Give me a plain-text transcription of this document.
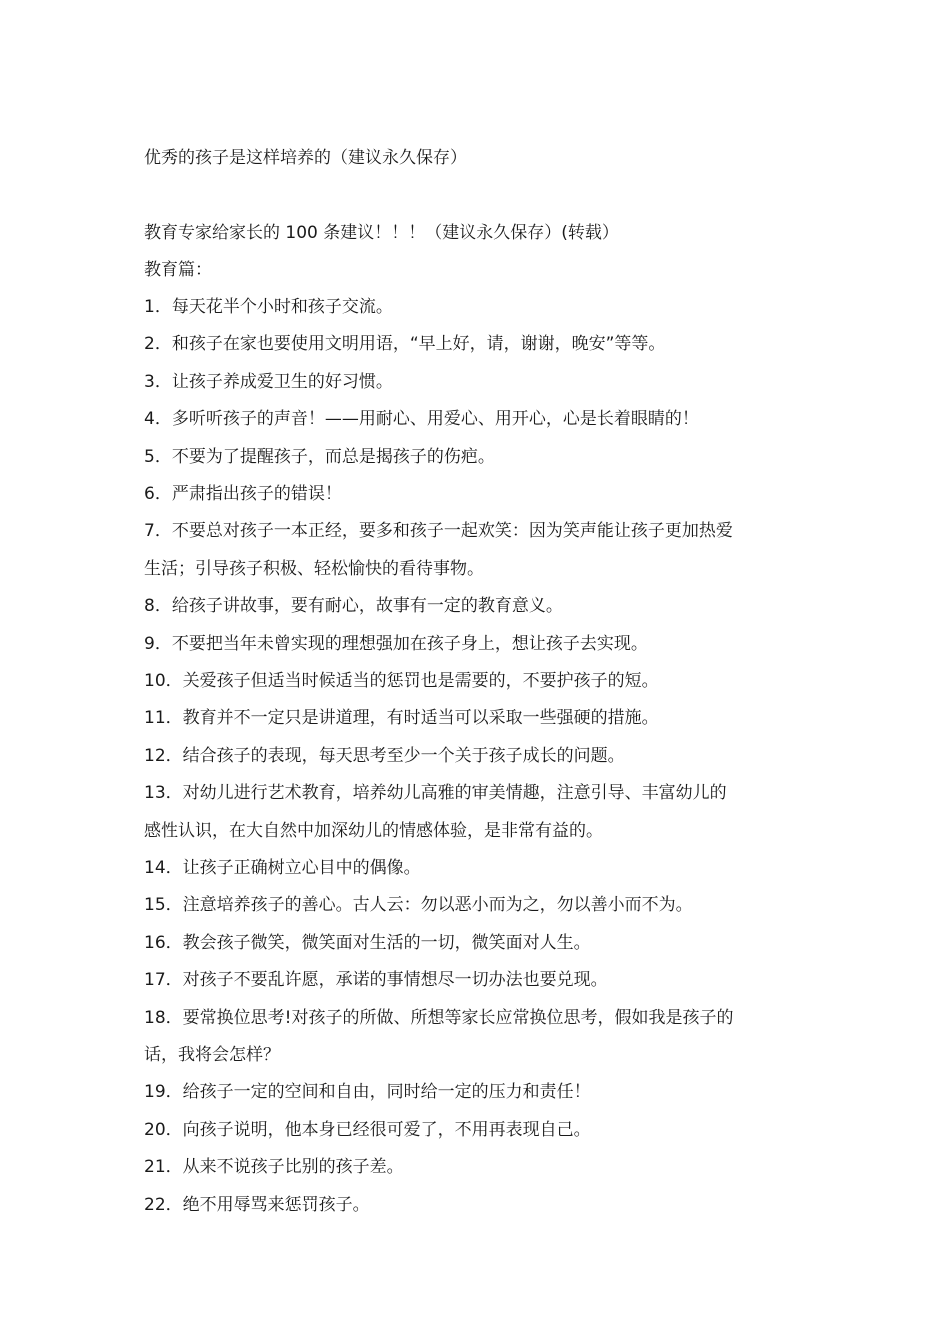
优秀的孩子是这样培养的（建议永久保存）
教育专家给家长的 100 条建议！！！（建议永久保存）(转载）
教育篇：
1．每天花半个小时和孩子交流。
2．和孩子在家也要使用文明用语，“早上好，请，谢谢，晚安”等等。
3．让孩子养成爱卫生的好习惯。
4．多听听孩子的声音！——用耐心、用爱心、用开心，心是长着眼睛的！
5．不要为了提醒孩子，而总是揭孩子的伤疤。
6．严肃指出孩子的错误！
7．不要总对孩子一本正经，要多和孩子一起欢笑：因为笑声能让孩子更加热爱
生活；引导孩子积极、轻松愉快的看待事物。
8．给孩子讲故事，要有耐心，故事有一定的教育意义。
9．不要把当年未曾实现的理想强加在孩子身上，想让孩子去实现。
10．关爱孩子但适当时候适当的惩罚也是需要的，不要护孩子的短。
11．教育并不一定只是讲道理，有时适当可以采取一些强硬的措施。
12．结合孩子的表现，每天思考至少一个关于孩子成长的问题。
13．对幼儿进行艺术教育，培养幼儿高雅的审美情趣，注意引导、丰富幼儿的
感性认识，在大自然中加深幼儿的情感体验，是非常有益的。
14．让孩子正确树立心目中的偶像。
15．注意培养孩子的善心。古人云：勿以恶小而为之，勿以善小而不为。
16．教会孩子微笑，微笑面对生活的一切，微笑面对人生。
17．对孩子不要乱许愿，承诺的事情想尽一切办法也要兑现。
18．要常换位思考!对孩子的所做、所想等家长应常换位思考，假如我是孩子的
话，我将会怎样？
19．给孩子一定的空间和自由，同时给一定的压力和责任！
20．向孩子说明，他本身已经很可爱了，不用再表现自己。
21．从来不说孩子比别的孩子差。
22．绝不用辱骂来惩罚孩子。
